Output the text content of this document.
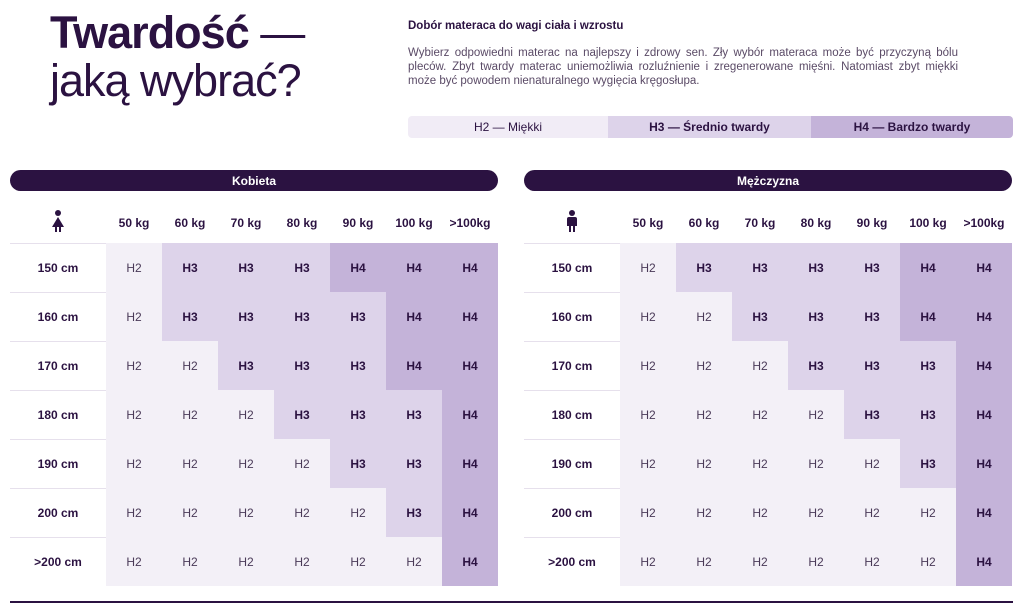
Twardość —
jaką wybrać?
Dobór materaca do wagi ciała i wzrostu
Wybierz odpowiedni materac na najlepszy i zdrowy sen. Zły wybór materaca może być przyczyną bólu pleców. Zbyt twardy materac uniemożliwia rozluźnienie i zregenerowane mięśni. Natomiast zbyt miękki może być powodem nienaturalnego wygięcia kręgosłupa.
H2 — Miękki	H3 — Średnio twardy	H4 — Bardzo twardy
Kobieta
	50 kg	60 kg	70 kg	80 kg	90 kg	100 kg	>100kg
150 cm	H2	H3	H3	H3	H4	H4	H4
160 cm	H2	H3	H3	H3	H3	H4	H4
170 cm	H2	H2	H3	H3	H3	H4	H4
180 cm	H2	H2	H2	H3	H3	H3	H4
190 cm	H2	H2	H2	H2	H3	H3	H4
200 cm	H2	H2	H2	H2	H2	H3	H4
>200 cm	H2	H2	H2	H2	H2	H2	H4
Mężczyzna
	50 kg	60 kg	70 kg	80 kg	90 kg	100 kg	>100kg
150 cm	H2	H3	H3	H3	H3	H4	H4
160 cm	H2	H2	H3	H3	H3	H4	H4
170 cm	H2	H2	H2	H3	H3	H3	H4
180 cm	H2	H2	H2	H2	H3	H3	H4
190 cm	H2	H2	H2	H2	H2	H3	H4
200 cm	H2	H2	H2	H2	H2	H2	H4
>200 cm	H2	H2	H2	H2	H2	H2	H4
